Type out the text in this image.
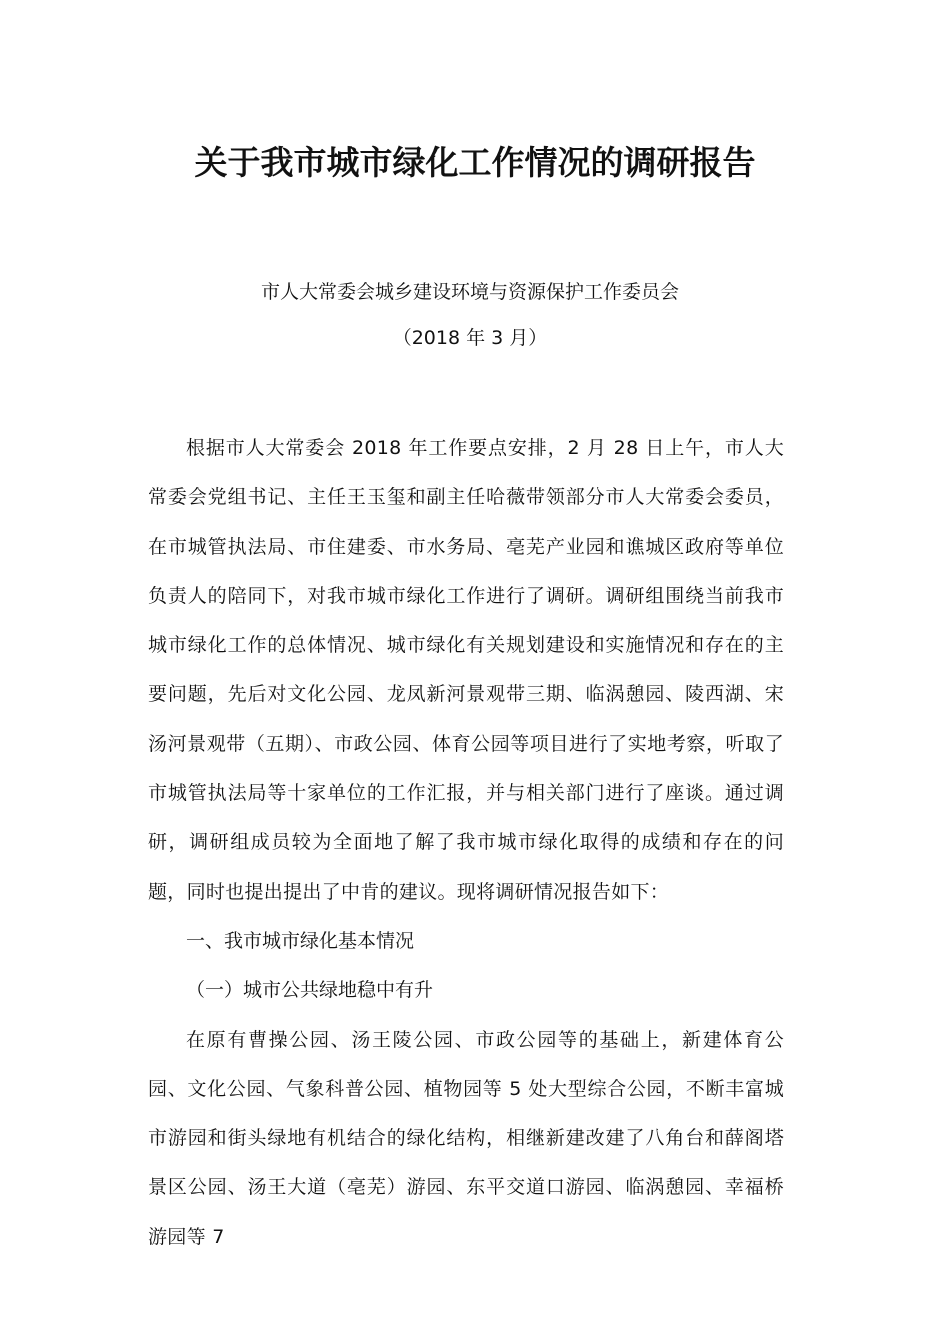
关于我市城市绿化工作情况的调研报告
市人大常委会城乡建设环境与资源保护工作委员会
（2018 年 3 月）

根据市人大常委会 2018 年工作要点安排，2 月 28 日上午，市人大常委会党组书记、主任王玉玺和副主任哈薇带领部分市人大常委会委员，在市城管执法局、市住建委、市水务局、亳芜产业园和谯城区政府等单位负责人的陪同下，对我市城市绿化工作进行了调研。调研组围绕当前我市城市绿化工作的总体情况、城市绿化有关规划建设和实施情况和存在的主要问题，先后对文化公园、龙凤新河景观带三期、临涡憩园、陵西湖、宋汤河景观带（五期）、市政公园、体育公园等项目进行了实地考察，听取了市城管执法局等十家单位的工作汇报，并与相关部门进行了座谈。通过调研，调研组成员较为全面地了解了我市城市绿化取得的成绩和存在的问题，同时也提出提出了中肯的建议。现将调研情况报告如下：

一、我市城市绿化基本情况

（一）城市公共绿地稳中有升

在原有曹操公园、汤王陵公园、市政公园等的基础上，新建体育公园、文化公园、气象科普公园、植物园等 5 处大型综合公园，不断丰富城市游园和街头绿地有机结合的绿化结构，相继新建改建了八角台和薛阁塔景区公园、汤王大道（亳芜）游园、东平交道口游园、临涡憩园、幸福桥游园等 7
